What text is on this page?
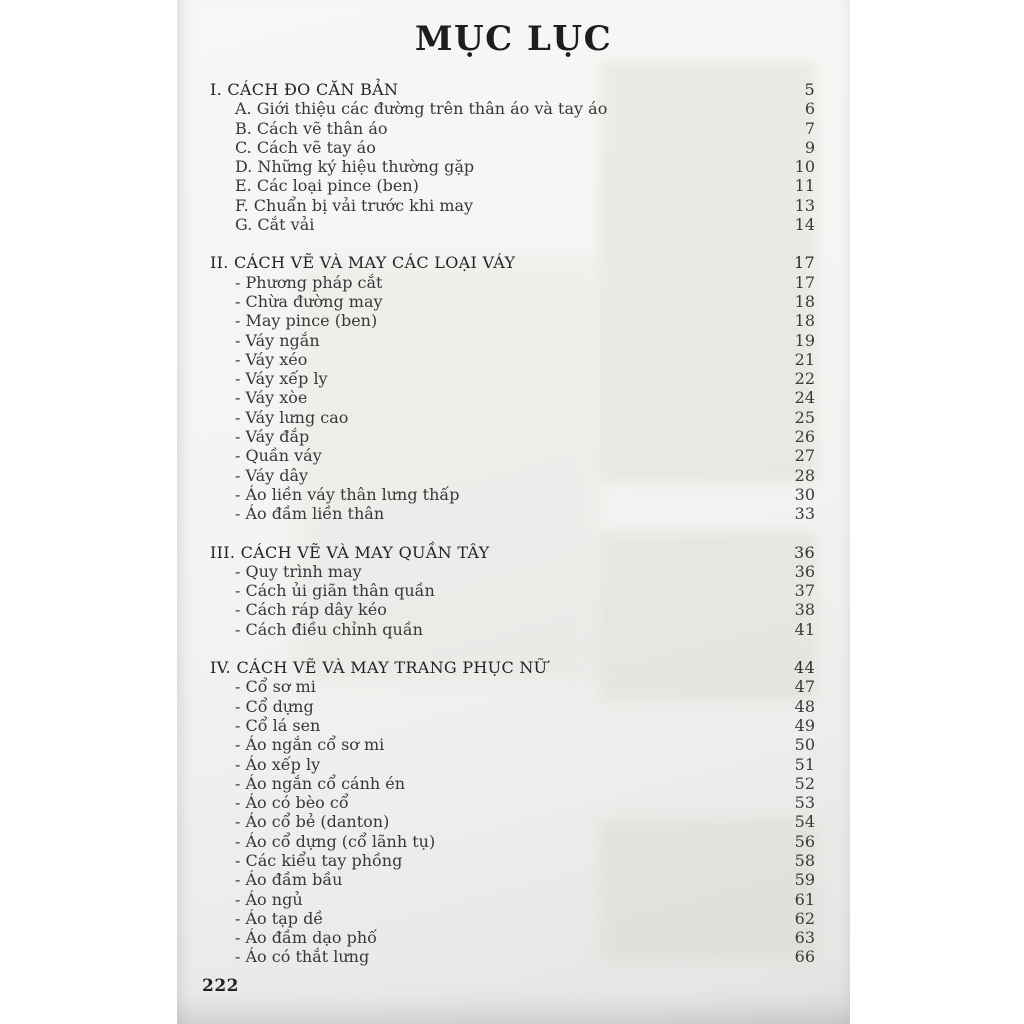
MỤC LỤC
I. CÁCH ĐO CĂN BẢN	5
A. Giới thiệu các đường trên thân áo và tay áo	6
B. Cách vẽ thân áo	7
C. Cách vẽ tay áo	9
D. Những ký hiệu thường gặp	10
E. Các loại pince (ben)	11
F. Chuẩn bị vải trước khi may	13
G. Cắt vải	14
II. CÁCH VẼ VÀ MAY CÁC LOẠI VÁY	17
- Phương pháp cắt	17
- Chừa đường may	18
- May pince (ben)	18
- Váy ngắn	19
- Váy xéo	21
- Váy xếp ly	22
- Váy xòe	24
- Váy lưng cao	25
- Váy đắp	26
- Quần váy	27
- Váy dây	28
- Áo liền váy thân lưng thấp	30
- Áo đầm liền thân	33
III. CÁCH VẼ VÀ MAY QUẦN TÂY	36
- Quy trình may	36
- Cách ủi giãn thân quần	37
- Cách ráp dây kéo	38
- Cách điều chỉnh quần	41
IV. CÁCH VẼ VÀ MAY TRANG PHỤC NỮ	44
- Cổ sơ mi	47
- Cổ dựng	48
- Cổ lá sen	49
- Áo ngắn cổ sơ mi	50
- Áo xếp ly	51
- Áo ngắn cổ cánh én	52
- Áo có bèo cổ	53
- Áo cổ bẻ (danton)	54
- Áo cổ dựng (cổ lãnh tụ)	56
- Các kiểu tay phồng	58
- Áo đầm bầu	59
- Áo ngủ	61
- Áo tạp dề	62
- Áo đầm dạo phố	63
- Áo có thắt lưng	66
222
